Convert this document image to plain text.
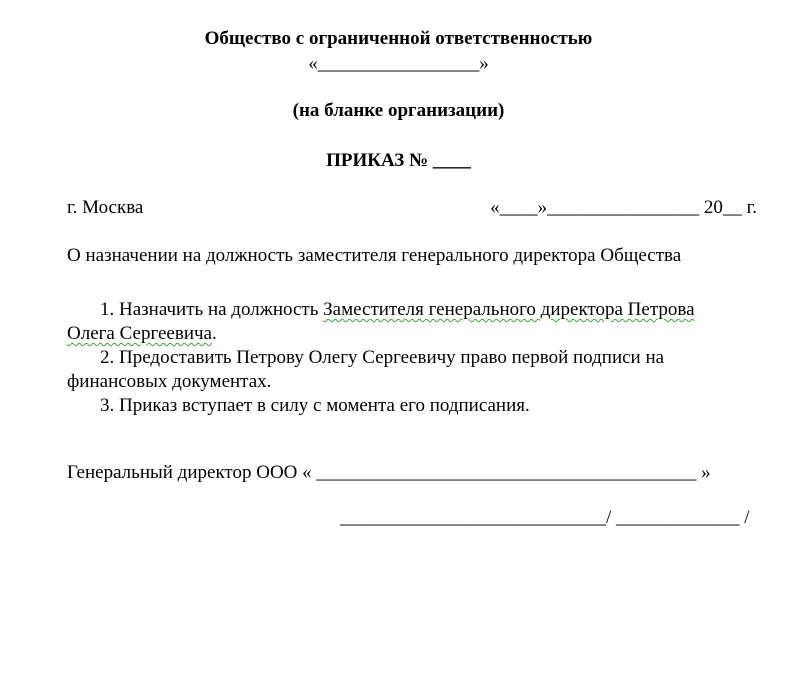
Общество с ограниченной ответственностью
«_________________»
(на бланке организации)
ПРИКАЗ № ____
г. Москва	«____»________________ 20__ г.
О назначении на должность заместителя генерального директора Общества
1. Назначить на должность Заместителя генерального директора Петрова
Олега Сергеевича.
2. Предоставить Петрову Олегу Сергеевичу право первой подписи на
финансовых документах.
3. Приказ вступает в силу с момента его подписания.
Генеральный директор ООО « ________________________________________ »
____________________________/ _____________ /
